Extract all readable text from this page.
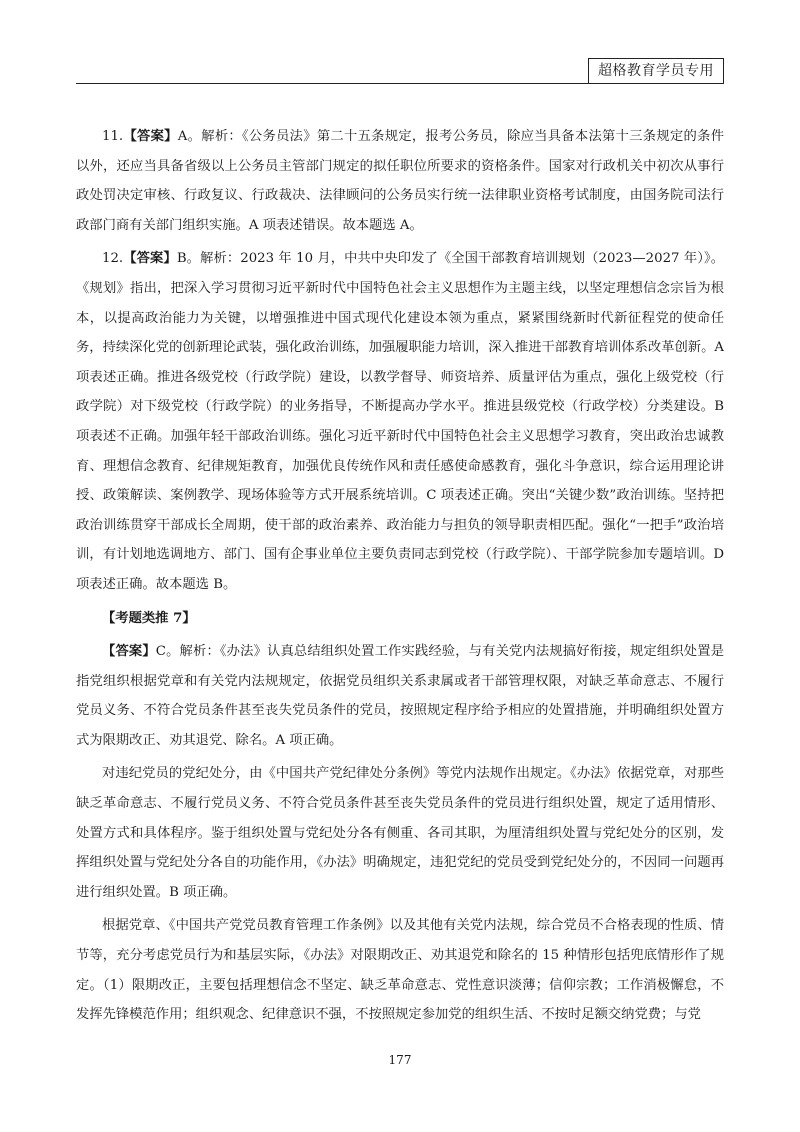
超格教育学员专用

11.【答案】A。解析：《公务员法》第二十五条规定，报考公务员，除应当具备本法第十三条规定的条件以外，还应当具备省级以上公务员主管部门规定的拟任职位所要求的资格条件。国家对行政机关中初次从事行政处罚决定审核、行政复议、行政裁决、法律顾问的公务员实行统一法律职业资格考试制度，由国务院司法行政部门商有关部门组织实施。A 项表述错误。故本题选 A。

12.【答案】B。解析：2023 年 10 月，中共中央印发了《全国干部教育培训规划（2023—2027 年）》。《规划》指出，把深入学习贯彻习近平新时代中国特色社会主义思想作为主题主线，以坚定理想信念宗旨为根本，以提高政治能力为关键，以增强推进中国式现代化建设本领为重点，紧紧围绕新时代新征程党的使命任务，持续深化党的创新理论武装，强化政治训练，加强履职能力培训，深入推进干部教育培训体系改革创新。A 项表述正确。推进各级党校（行政学院）建设，以教学督导、师资培养、质量评估为重点，强化上级党校（行政学院）对下级党校（行政学院）的业务指导，不断提高办学水平。推进县级党校（行政学校）分类建设。B 项表述不正确。加强年轻干部政治训练。强化习近平新时代中国特色社会主义思想学习教育，突出政治忠诚教育、理想信念教育、纪律规矩教育，加强优良传统作风和责任感使命感教育，强化斗争意识，综合运用理论讲授、政策解读、案例教学、现场体验等方式开展系统培训。C 项表述正确。突出“关键少数”政治训练。坚持把政治训练贯穿干部成长全周期，使干部的政治素养、政治能力与担负的领导职责相匹配。强化“一把手”政治培训，有计划地选调地方、部门、国有企事业单位主要负责同志到党校（行政学院）、干部学院参加专题培训。D 项表述正确。故本题选 B。

【考题类推 7】

【答案】C。解析：《办法》认真总结组织处置工作实践经验，与有关党内法规搞好衔接，规定组织处置是指党组织根据党章和有关党内法规规定，依据党员组织关系隶属或者干部管理权限，对缺乏革命意志、不履行党员义务、不符合党员条件甚至丧失党员条件的党员，按照规定程序给予相应的处置措施，并明确组织处置方式为限期改正、劝其退党、除名。A 项正确。

对违纪党员的党纪处分，由《中国共产党纪律处分条例》等党内法规作出规定。《办法》依据党章，对那些缺乏革命意志、不履行党员义务、不符合党员条件甚至丧失党员条件的党员进行组织处置，规定了适用情形、处置方式和具体程序。鉴于组织处置与党纪处分各有侧重、各司其职，为厘清组织处置与党纪处分的区别，发挥组织处置与党纪处分各自的功能作用，《办法》明确规定，违犯党纪的党员受到党纪处分的，不因同一问题再进行组织处置。B 项正确。

根据党章、《中国共产党党员教育管理工作条例》以及其他有关党内法规，综合党员不合格表现的性质、情节等，充分考虑党员行为和基层实际，《办法》对限期改正、劝其退党和除名的 15 种情形包括兜底情形作了规定。（1）限期改正，主要包括理想信念不坚定、缺乏革命意志、党性意识淡薄；信仰宗教；工作消极懈怠，不发挥先锋模范作用；组织观念、纪律意识不强，不按照规定参加党的组织生活、不按时足额交纳党费；与党

177
